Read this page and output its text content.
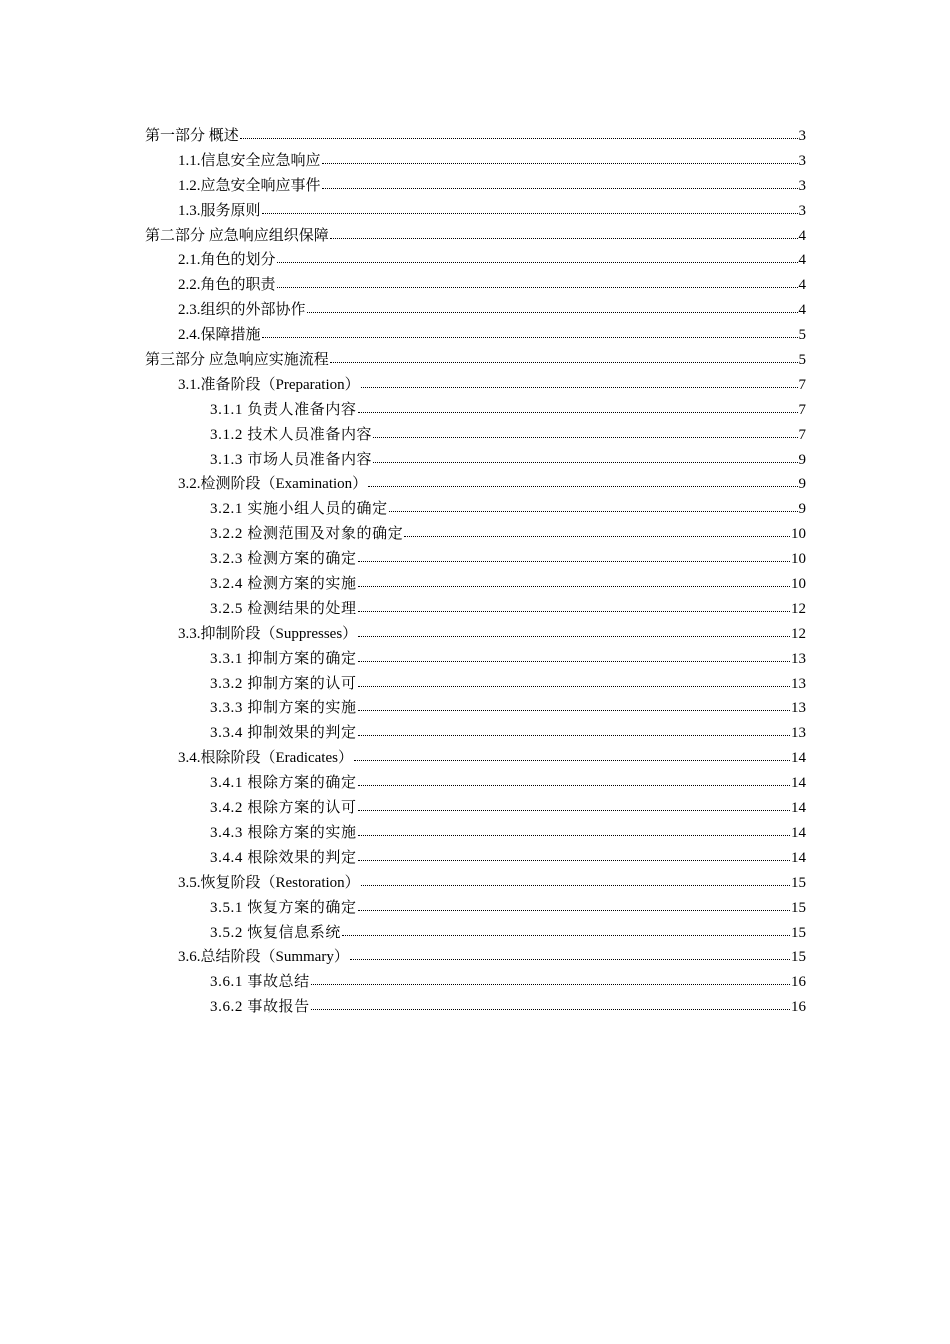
第一部分 概述	3
1.1.信息安全应急响应	3
1.2.应急安全响应事件	3
1.3.服务原则	3
第二部分 应急响应组织保障	4
2.1.角色的划分	4
2.2.角色的职责	4
2.3.组织的外部协作	4
2.4.保障措施	5
第三部分 应急响应实施流程	5
3.1.准备阶段（Preparation）	7
3.1.1 负责人准备内容	7
3.1.2 技术人员准备内容	7
3.1.3 市场人员准备内容	9
3.2.检测阶段（Examination）	9
3.2.1 实施小组人员的确定	9
3.2.2 检测范围及对象的确定	10
3.2.3 检测方案的确定	10
3.2.4 检测方案的实施	10
3.2.5 检测结果的处理	12
3.3.抑制阶段（Suppresses）	12
3.3.1 抑制方案的确定	13
3.3.2 抑制方案的认可	13
3.3.3 抑制方案的实施	13
3.3.4 抑制效果的判定	13
3.4.根除阶段（Eradicates）	14
3.4.1 根除方案的确定	14
3.4.2 根除方案的认可	14
3.4.3 根除方案的实施	14
3.4.4 根除效果的判定	14
3.5.恢复阶段（Restoration）	15
3.5.1 恢复方案的确定	15
3.5.2 恢复信息系统	15
3.6.总结阶段（Summary）	15
3.6.1 事故总结	16
3.6.2 事故报告	16
